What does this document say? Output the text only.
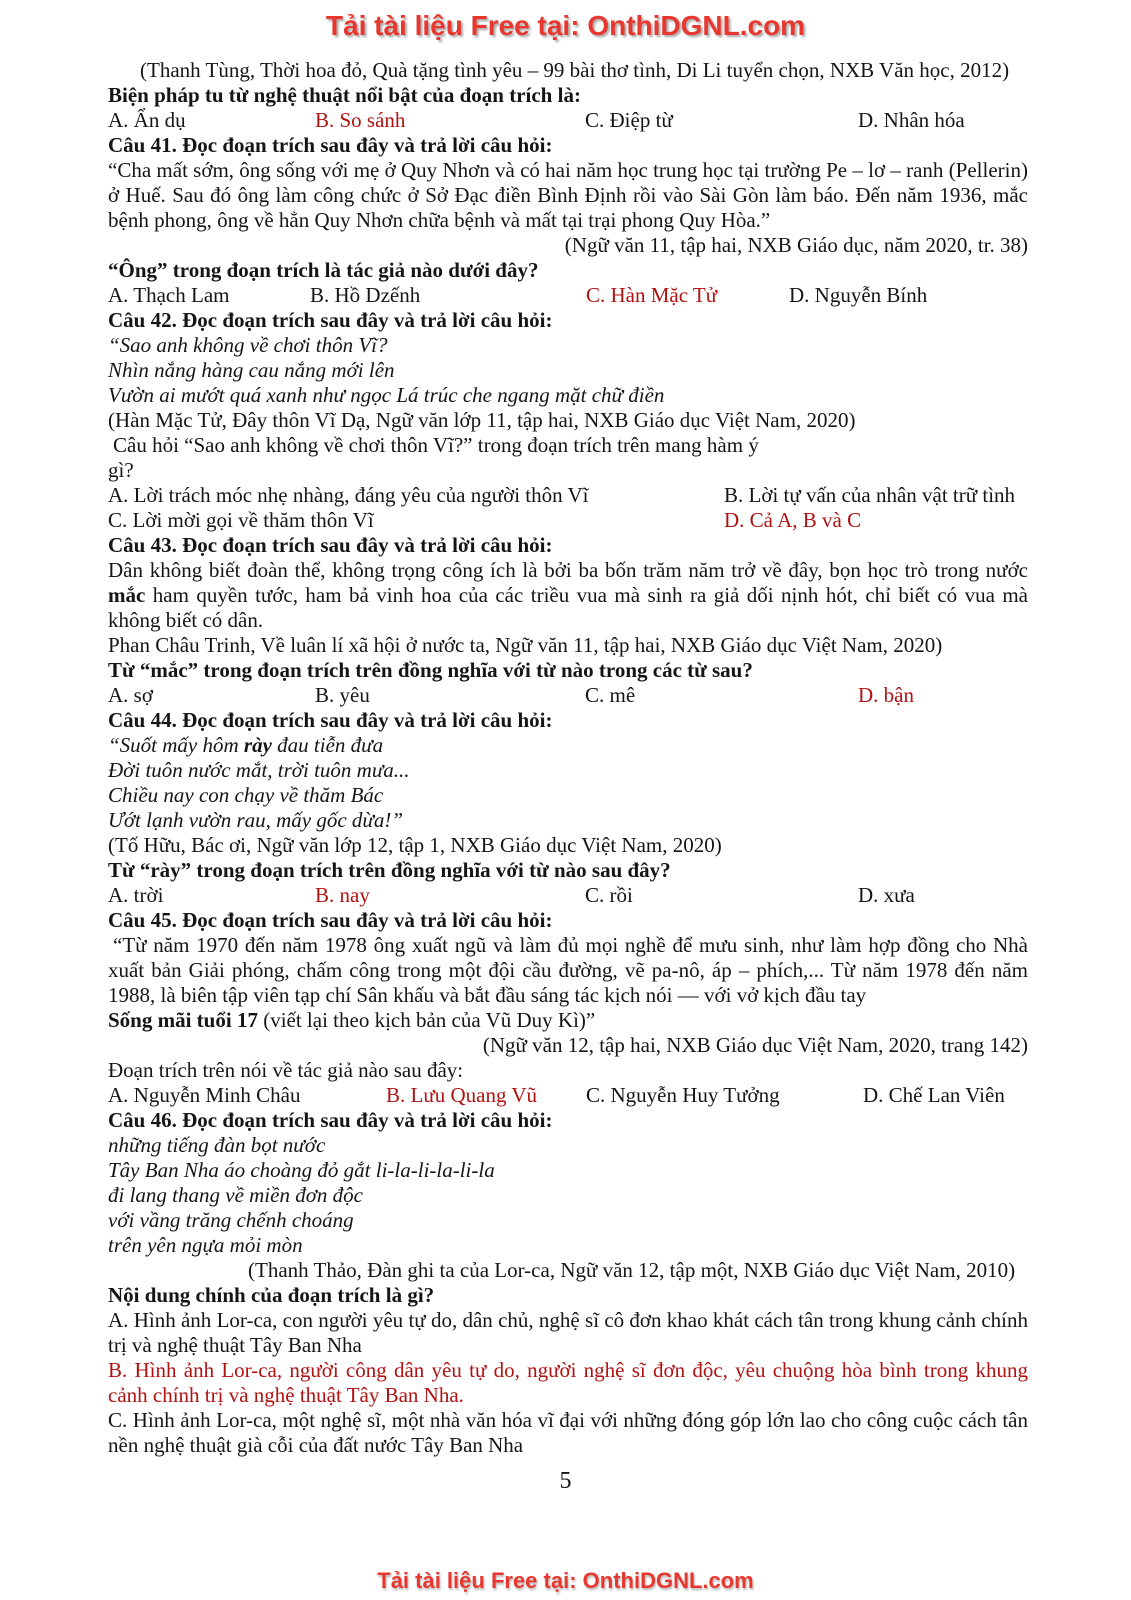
Tải tài liệu Free tại: OnthiDGNL.com
(Thanh Tùng, Thời hoa đỏ, Quà tặng tình yêu – 99 bài thơ tình, Di Li tuyển chọn, NXB Văn học, 2012)
Biện pháp tu từ nghệ thuật nổi bật của đoạn trích là:
A. Ẩn dụ	B. So sánh	C. Điệp từ	D. Nhân hóa
Câu 41. Đọc đoạn trích sau đây và trả lời câu hỏi:
“Cha mất sớm, ông sống với mẹ ở Quy Nhơn và có hai năm học trung học tại trường Pe – lơ – ranh (Pellerin) ở Huế. Sau đó ông làm công chức ở Sở Đạc điền Bình Định rồi vào Sài Gòn làm báo. Đến năm 1936, mắc bệnh phong, ông về hẳn Quy Nhơn chữa bệnh và mất tại trại phong Quy Hòa.”
(Ngữ văn 11, tập hai, NXB Giáo dục, năm 2020, tr. 38)
“Ông” trong đoạn trích là tác giả nào dưới đây?
A. Thạch Lam	B. Hồ Dzếnh	C. Hàn Mặc Tử	D. Nguyễn Bính
Câu 42. Đọc đoạn trích sau đây và trả lời câu hỏi:
“Sao anh không về chơi thôn Vĩ?
Nhìn nắng hàng cau nắng mới lên
Vườn ai mướt quá xanh như ngọc Lá trúc che ngang mặt chữ điền
(Hàn Mặc Tử, Đây thôn Vĩ Dạ, Ngữ văn lớp 11, tập hai, NXB Giáo dục Việt Nam, 2020)
Câu hỏi “Sao anh không về chơi thôn Vĩ?” trong đoạn trích trên mang hàm ý
gì?
A. Lời trách móc nhẹ nhàng, đáng yêu của người thôn Vĩ	B. Lời tự vấn của nhân vật trữ tình
C. Lời mời gọi về thăm thôn Vĩ	D. Cả A, B và C
Câu 43. Đọc đoạn trích sau đây và trả lời câu hỏi:
Dân không biết đoàn thể, không trọng công ích là bởi ba bốn trăm năm trở về đây, bọn học trò trong nước mắc ham quyền tước, ham bả vinh hoa của các triều vua mà sinh ra giả dối nịnh hót, chỉ biết có vua mà không biết có dân.
Phan Châu Trinh, Về luân lí xã hội ở nước ta, Ngữ văn 11, tập hai, NXB Giáo dục Việt Nam, 2020)
Từ “mắc” trong đoạn trích trên đồng nghĩa với từ nào trong các từ sau?
A. sợ	B. yêu	C. mê	D. bận
Câu 44. Đọc đoạn trích sau đây và trả lời câu hỏi:
“Suốt mấy hôm rày đau tiễn đưa
Đời tuôn nước mắt, trời tuôn mưa...
Chiều nay con chạy về thăm Bác
Ướt lạnh vườn rau, mấy gốc dừa!”
(Tố Hữu, Bác ơi, Ngữ văn lớp 12, tập 1, NXB Giáo dục Việt Nam, 2020)
Từ “rày” trong đoạn trích trên đồng nghĩa với từ nào sau đây?
A. trời	B. nay	C. rồi	D. xưa
Câu 45. Đọc đoạn trích sau đây và trả lời câu hỏi:
“Từ năm 1970 đến năm 1978 ông xuất ngũ và làm đủ mọi nghề để mưu sinh, như làm hợp đồng cho Nhà xuất bản Giải phóng, chấm công trong một đội cầu đường, vẽ pa-nô, áp – phích,... Từ năm 1978 đến năm 1988, là biên tập viên tạp chí Sân khấu và bắt đầu sáng tác kịch nói — với vở kịch đầu tay
Sống mãi tuổi 17 (viết lại theo kịch bản của Vũ Duy Kì)”
(Ngữ văn 12, tập hai, NXB Giáo dục Việt Nam, 2020, trang 142)
Đoạn trích trên nói về tác giả nào sau đây:
A. Nguyễn Minh Châu	B. Lưu Quang Vũ C. Nguyễn Huy Tưởng	D. Chế Lan Viên
Câu 46. Đọc đoạn trích sau đây và trả lời câu hỏi:
những tiếng đàn bọt nước
Tây Ban Nha áo choàng đỏ gắt li-la-li-la-li-la
đi lang thang về miền đơn độc
với vầng trăng chếnh choáng
trên yên ngựa mỏi mòn
(Thanh Thảo, Đàn ghi ta của Lor-ca, Ngữ văn 12, tập một, NXB Giáo dục Việt Nam, 2010)
Nội dung chính của đoạn trích là gì?
A. Hình ảnh Lor-ca, con người yêu tự do, dân chủ, nghệ sĩ cô đơn khao khát cách tân trong khung cảnh chính trị và nghệ thuật Tây Ban Nha
B. Hình ảnh Lor-ca, người công dân yêu tự do, người nghệ sĩ đơn độc, yêu chuộng hòa bình trong khung cảnh chính trị và nghệ thuật Tây Ban Nha.
C. Hình ảnh Lor-ca, một nghệ sĩ, một nhà văn hóa vĩ đại với những đóng góp lớn lao cho công cuộc cách tân nền nghệ thuật già cỗi của đất nước Tây Ban Nha
5
Tải tài liệu Free tại: OnthiDGNL.com
